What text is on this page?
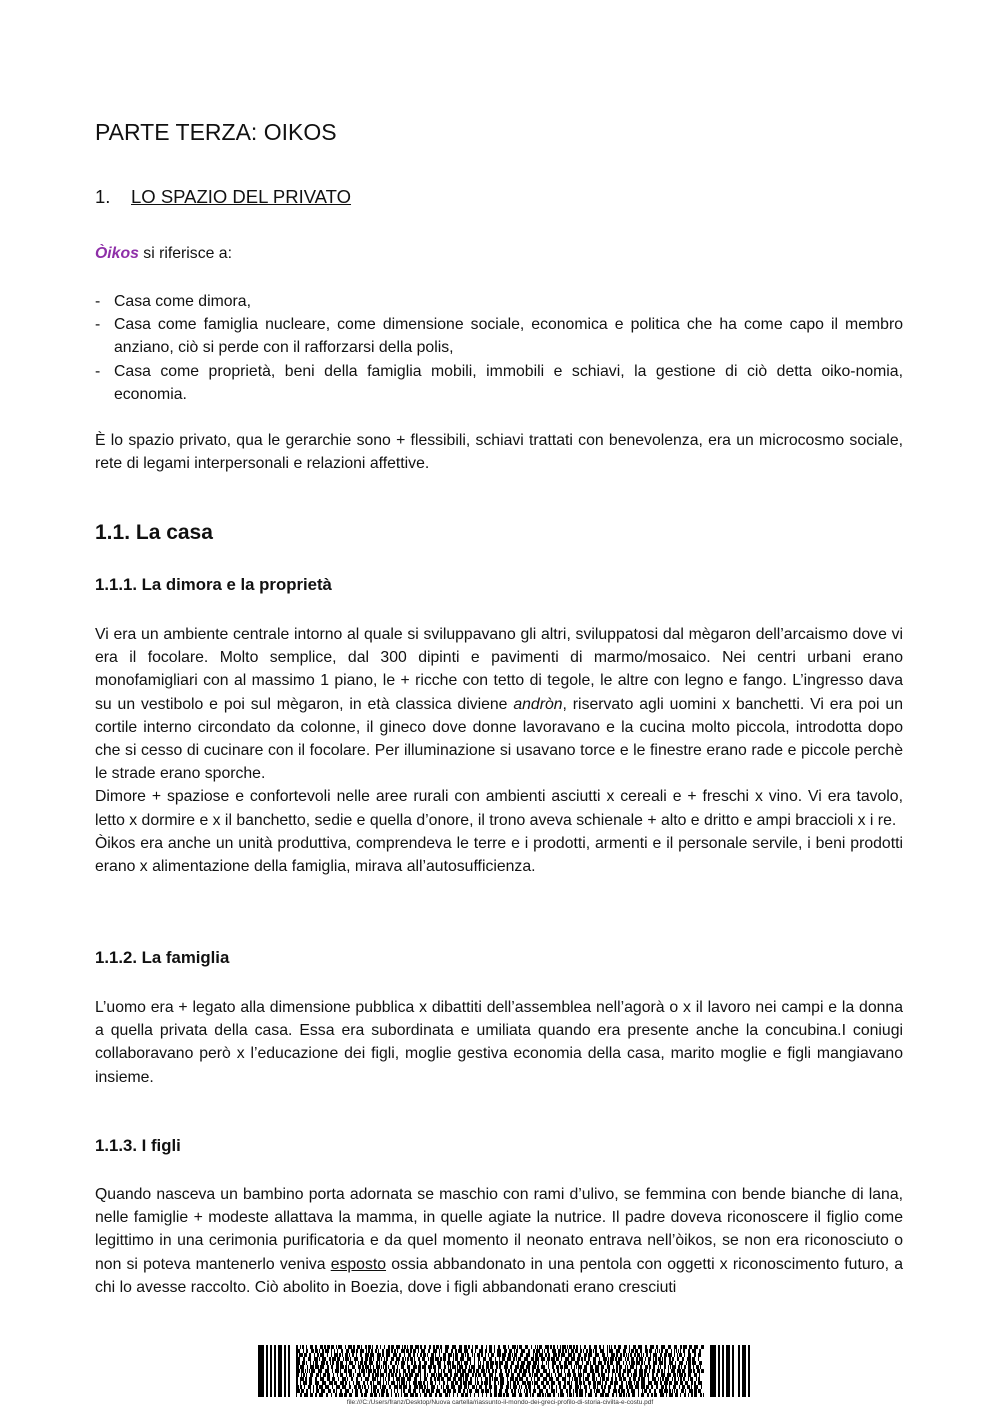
PARTE TERZA: OIKOS
1. LO SPAZIO DEL PRIVATO

Òikos si riferisce a:

- Casa come dimora,
- Casa come famiglia nucleare, come dimensione sociale, economica e politica che ha come capo il membro anziano, ciò si perde con il rafforzarsi della polis,
- Casa come proprietà, beni della famiglia mobili, immobili e schiavi, la gestione di ciò detta oiko-nomia, economia.

È lo spazio privato, qua le gerarchie sono + flessibili, schiavi trattati con benevolenza, era un microcosmo sociale, rete di legami interpersonali e relazioni affettive.

1.1. La casa
1.1.1. La dimora e la proprietà

Vi era un ambiente centrale intorno al quale si sviluppavano gli altri, sviluppatosi dal mègaron dell’arcaismo dove vi era il focolare. Molto semplice, dal 300 dipinti e pavimenti di marmo/mosaico. Nei centri urbani erano monofamigliari con al massimo 1 piano, le + ricche con tetto di tegole, le altre con legno e fango. L’ingresso dava su un vestibolo e poi sul mègaron, in età classica diviene andròn, riservato agli uomini x banchetti. Vi era poi un cortile interno circondato da colonne, il gineco dove donne lavoravano e la cucina molto piccola, introdotta dopo che si cesso di cucinare con il focolare. Per illuminazione si usavano torce e le finestre erano rade e piccole perchè le strade erano sporche.

Dimore + spaziose e confortevoli nelle aree rurali con ambienti asciutti x cereali e + freschi x vino. Vi era tavolo, letto x dormire e x il banchetto, sedie e quella d’onore, il trono aveva schienale + alto e dritto e ampi braccioli x i re.

Òikos era anche un unità produttiva, comprendeva le terre e i prodotti, armenti e il personale servile, i beni prodotti erano x alimentazione della famiglia, mirava all’autosufficienza.

1.1.2. La famiglia

L’uomo era + legato alla dimensione pubblica x dibattiti dell’assemblea nell’agorà o x il lavoro nei campi e la donna a quella privata della casa. Essa era subordinata e umiliata quando era presente anche la concubina.I coniugi collaboravano però x l’educazione dei figli, moglie gestiva economia della casa, marito moglie e figli mangiavano insieme.

1.1.3. I figli

Quando nasceva un bambino porta adornata se maschio con rami d’ulivo, se femmina con bende bianche di lana, nelle famiglie + modeste allattava la mamma, in quelle agiate la nutrice. Il padre doveva riconoscere il figlio come legittimo in una cerimonia purificatoria e da quel momento il neonato entrava nell’òikos, se non era riconosciuto o non si poteva mantenerlo veniva esposto ossia abbandonato in una pentola con oggetti x riconoscimento futuro, a chi lo avesse raccolto. Ciò abolito in Boezia, dove i figli abbandonati erano cresciuti

file:///C:/Users/franz/Desktop/Nuova cartella/riassunto-il-mondo-dei-greci-profilo-di-storia-civilta-e-costu.pdf
